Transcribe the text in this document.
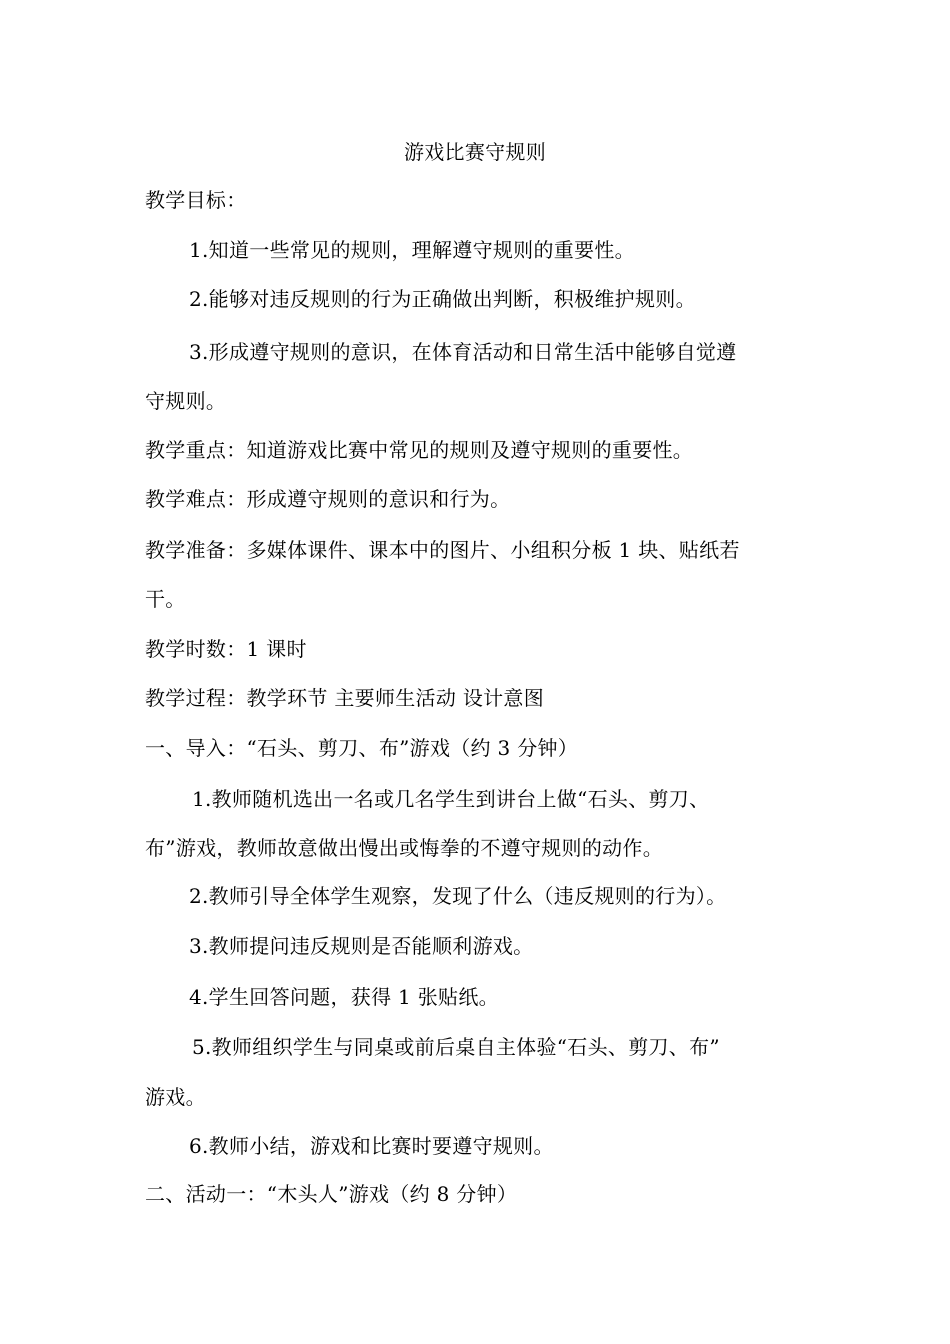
游戏比赛守规则
教学目标：
1.知道一些常见的规则，理解遵守规则的重要性。
2.能够对违反规则的行为正确做出判断，积极维护规则。
3.形成遵守规则的意识，在体育活动和日常生活中能够自觉遵
守规则。
教学重点：知道游戏比赛中常见的规则及遵守规则的重要性。
教学难点：形成遵守规则的意识和行为。
教学准备：多媒体课件、课本中的图片、小组积分板 1 块、贴纸若
干。
教学时数：1 课时
教学过程：教学环节 主要师生活动 设计意图
一、导入：“石头、剪刀、布”游戏（约 3 分钟）
1.教师随机选出一名或几名学生到讲台上做“石头、剪刀、
布”游戏，教师故意做出慢出或悔拳的不遵守规则的动作。
2.教师引导全体学生观察，发现了什么（违反规则的行为）。
3.教师提问违反规则是否能顺利游戏。
4.学生回答问题，获得 1 张贴纸。
5.教师组织学生与同桌或前后桌自主体验“石头、剪刀、布”
游戏。
6.教师小结，游戏和比赛时要遵守规则。
二、活动一：“木头人”游戏（约 8 分钟）
